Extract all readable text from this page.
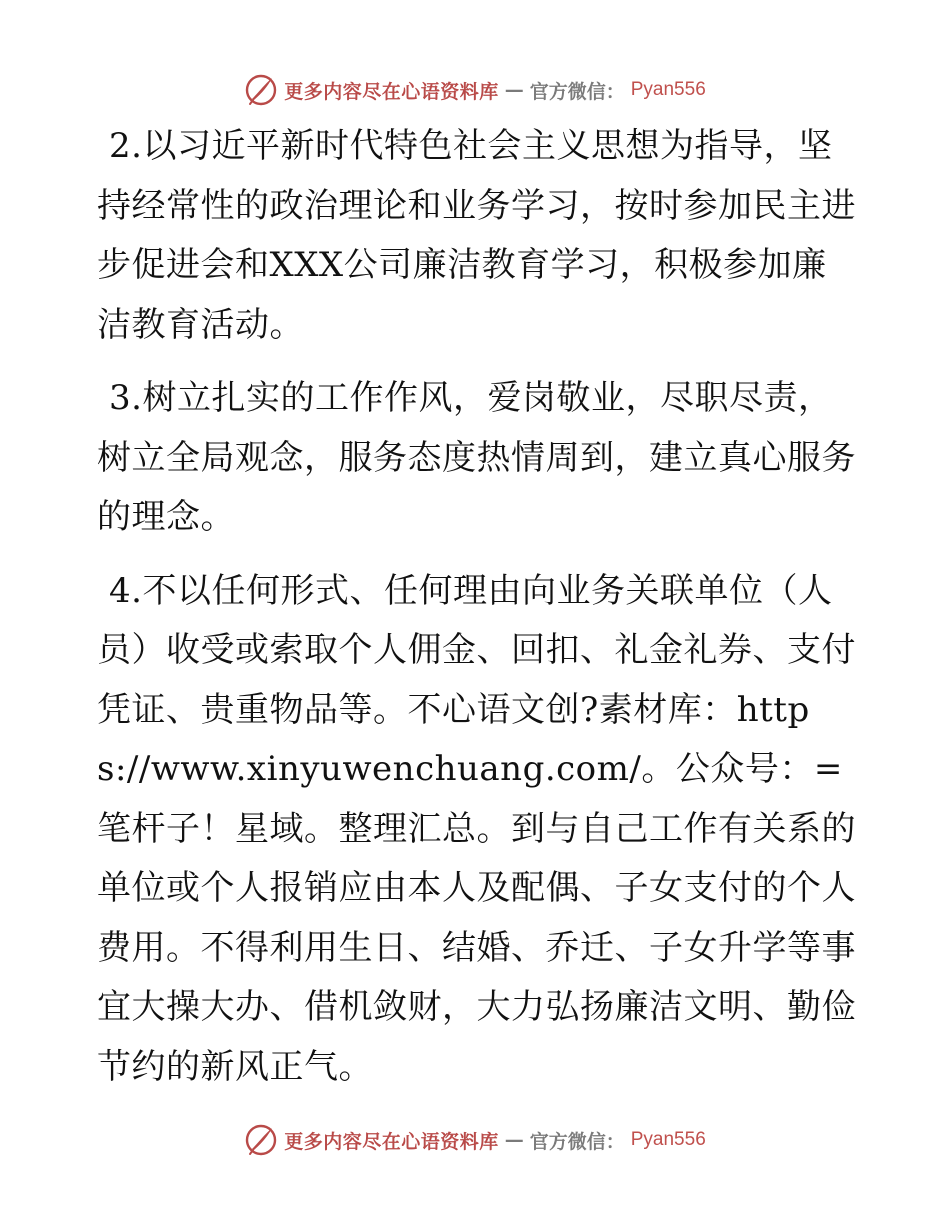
更多内容尽在心语资料库 — 官方微信： Pyan556

2.以习近平新时代特色社会主义思想为指导，坚持经常性的政治理论和业务学习，按时参加民主进步促进会和XXX公司廉洁教育学习，积极参加廉洁教育活动。

3.树立扎实的工作作风，爱岗敬业，尽职尽责，树立全局观念，服务态度热情周到，建立真心服务的理念。

4.不以任何形式、任何理由向业务关联单位（人员）收受或索取个人佣金、回扣、礼金礼券、支付凭证、贵重物品等。不心语文创?素材库：https://www.xinyuwenchuang.com/。公众号：=笔杆子！星域。整理汇总。到与自己工作有关系的单位或个人报销应由本人及配偶、子女支付的个人费用。不得利用生日、结婚、乔迁、子女升学等事宜大操大办、借机敛财，大力弘扬廉洁文明、勤俭节约的新风正气。

更多内容尽在心语资料库 — 官方微信： Pyan556
